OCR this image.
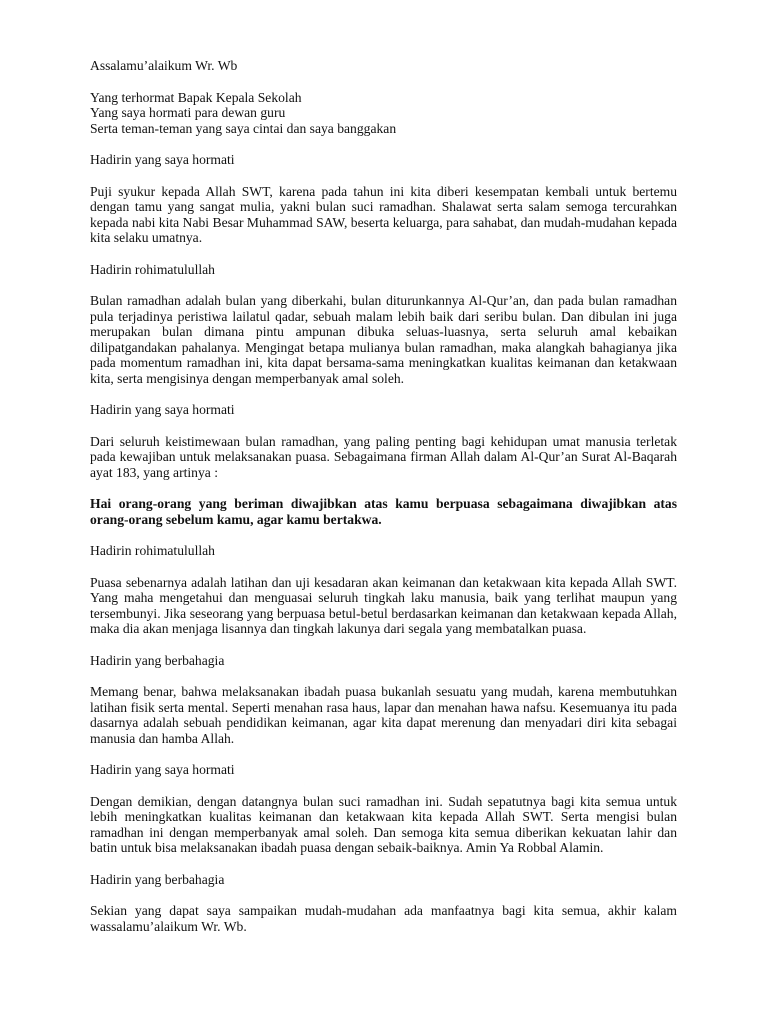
Assalamu’alaikum Wr. Wb

Yang terhormat Bapak Kepala Sekolah

Yang saya hormati para dewan guru

Serta teman-teman yang saya cintai dan saya banggakan

Hadirin yang saya hormati

Puji syukur kepada Allah SWT, karena pada tahun ini kita diberi kesempatan kembali untuk bertemu dengan tamu yang sangat mulia, yakni bulan suci ramadhan. Shalawat serta salam semoga tercurahkan kepada nabi kita Nabi Besar Muhammad SAW, beserta keluarga, para sahabat, dan mudah-mudahan kepada kita selaku umatnya.

Hadirin rohimatulullah

Bulan ramadhan adalah bulan yang diberkahi, bulan diturunkannya Al-Qur’an, dan pada bulan ramadhan pula terjadinya peristiwa lailatul qadar, sebuah malam lebih baik dari seribu bulan. Dan dibulan ini juga merupakan bulan dimana pintu ampunan dibuka seluas-luasnya, serta seluruh amal kebaikan dilipatgandakan pahalanya. Mengingat betapa mulianya bulan ramadhan, maka alangkah bahagianya jika pada momentum ramadhan ini, kita dapat bersama-sama meningkatkan kualitas keimanan dan ketakwaan kita, serta mengisinya dengan memperbanyak amal soleh.

Hadirin yang saya hormati

Dari seluruh keistimewaan bulan ramadhan, yang paling penting bagi kehidupan umat manusia terletak pada kewajiban untuk melaksanakan puasa. Sebagaimana firman Allah dalam Al-Qur’an Surat Al-Baqarah ayat 183, yang artinya :

Hai orang-orang yang beriman diwajibkan atas kamu berpuasa sebagaimana diwajibkan atas orang-orang sebelum kamu, agar kamu bertakwa.

Hadirin rohimatulullah

Puasa sebenarnya adalah latihan dan uji kesadaran akan keimanan dan ketakwaan kita kepada Allah SWT. Yang maha mengetahui dan menguasai seluruh tingkah laku manusia, baik yang terlihat maupun yang tersembunyi. Jika seseorang yang berpuasa betul-betul berdasarkan keimanan dan ketakwaan kepada Allah, maka dia akan menjaga lisannya dan tingkah lakunya dari segala yang membatalkan puasa.

Hadirin yang berbahagia

Memang benar, bahwa melaksanakan ibadah puasa bukanlah sesuatu yang mudah, karena membutuhkan latihan fisik serta mental. Seperti menahan rasa haus, lapar dan menahan hawa nafsu. Kesemuanya itu pada dasarnya adalah sebuah pendidikan keimanan, agar kita dapat merenung dan menyadari diri kita sebagai manusia dan hamba Allah.

Hadirin yang saya hormati

Dengan demikian, dengan datangnya bulan suci ramadhan ini. Sudah sepatutnya bagi kita semua untuk lebih meningkatkan kualitas keimanan dan ketakwaan kita kepada Allah SWT. Serta mengisi bulan ramadhan ini dengan memperbanyak amal soleh. Dan semoga kita semua diberikan kekuatan lahir dan batin untuk bisa melaksanakan ibadah puasa dengan sebaik-baiknya. Amin Ya Robbal Alamin.

Hadirin yang berbahagia

Sekian yang dapat saya sampaikan mudah-mudahan ada manfaatnya bagi kita semua, akhir kalam wassalamu’alaikum Wr. Wb.
